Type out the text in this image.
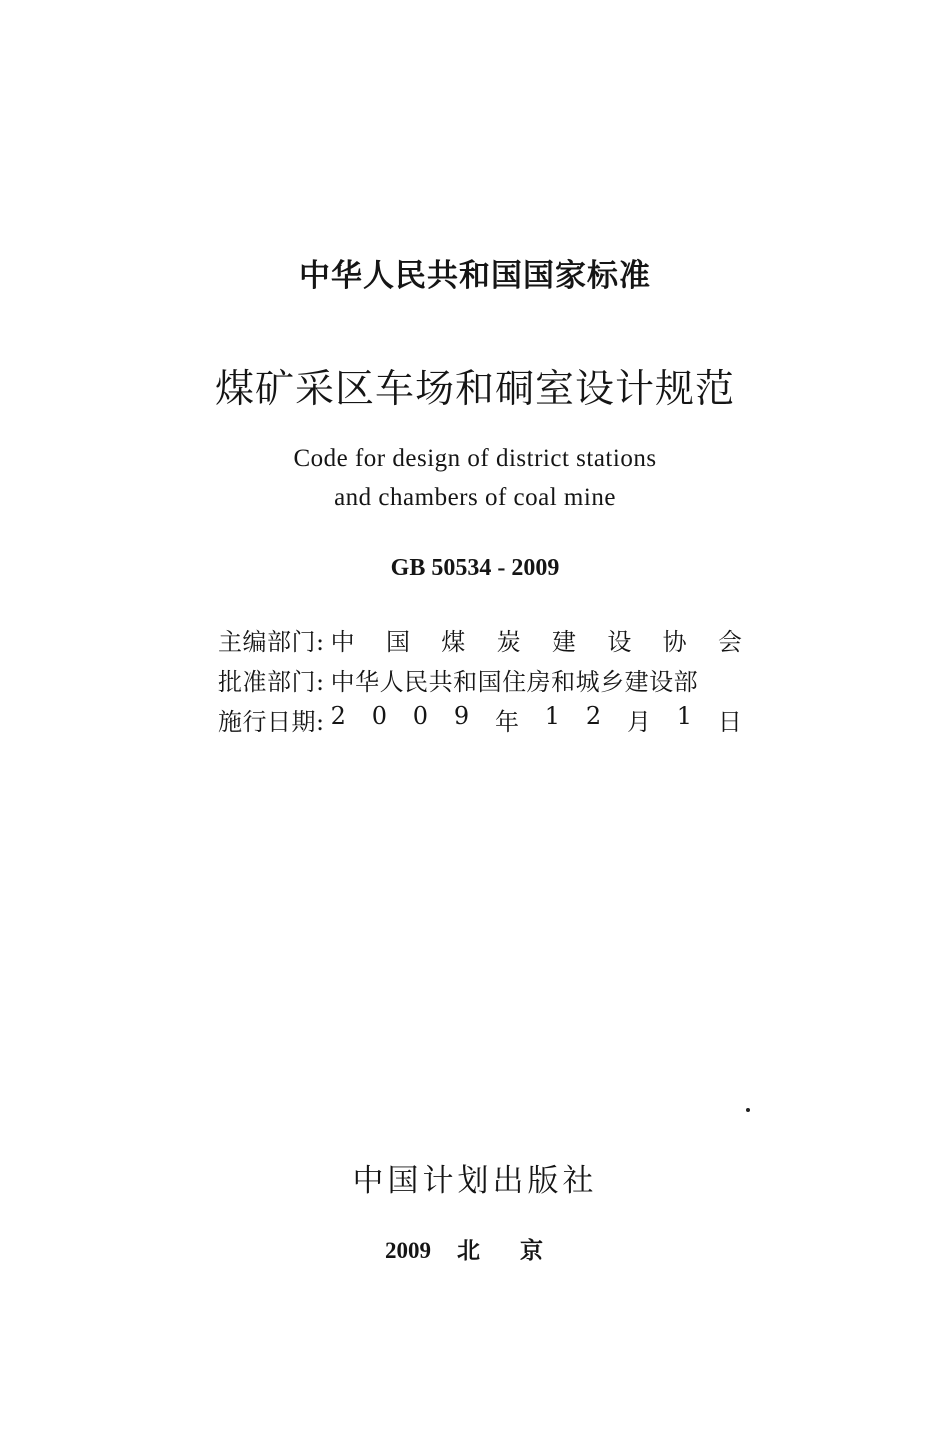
中华人民共和国国家标准
煤矿采区车场和硐室设计规范
Code for design of district stations
and chambers of coal mine
GB 50534 - 2009
主编部门: 中 国 煤 炭 建 设 协 会
批准部门: 中华人民共和国住房和城乡建设部
施行日期: 2 0 0 9 年 1 2 月 1 日
中国计划出版社
2009 北京
